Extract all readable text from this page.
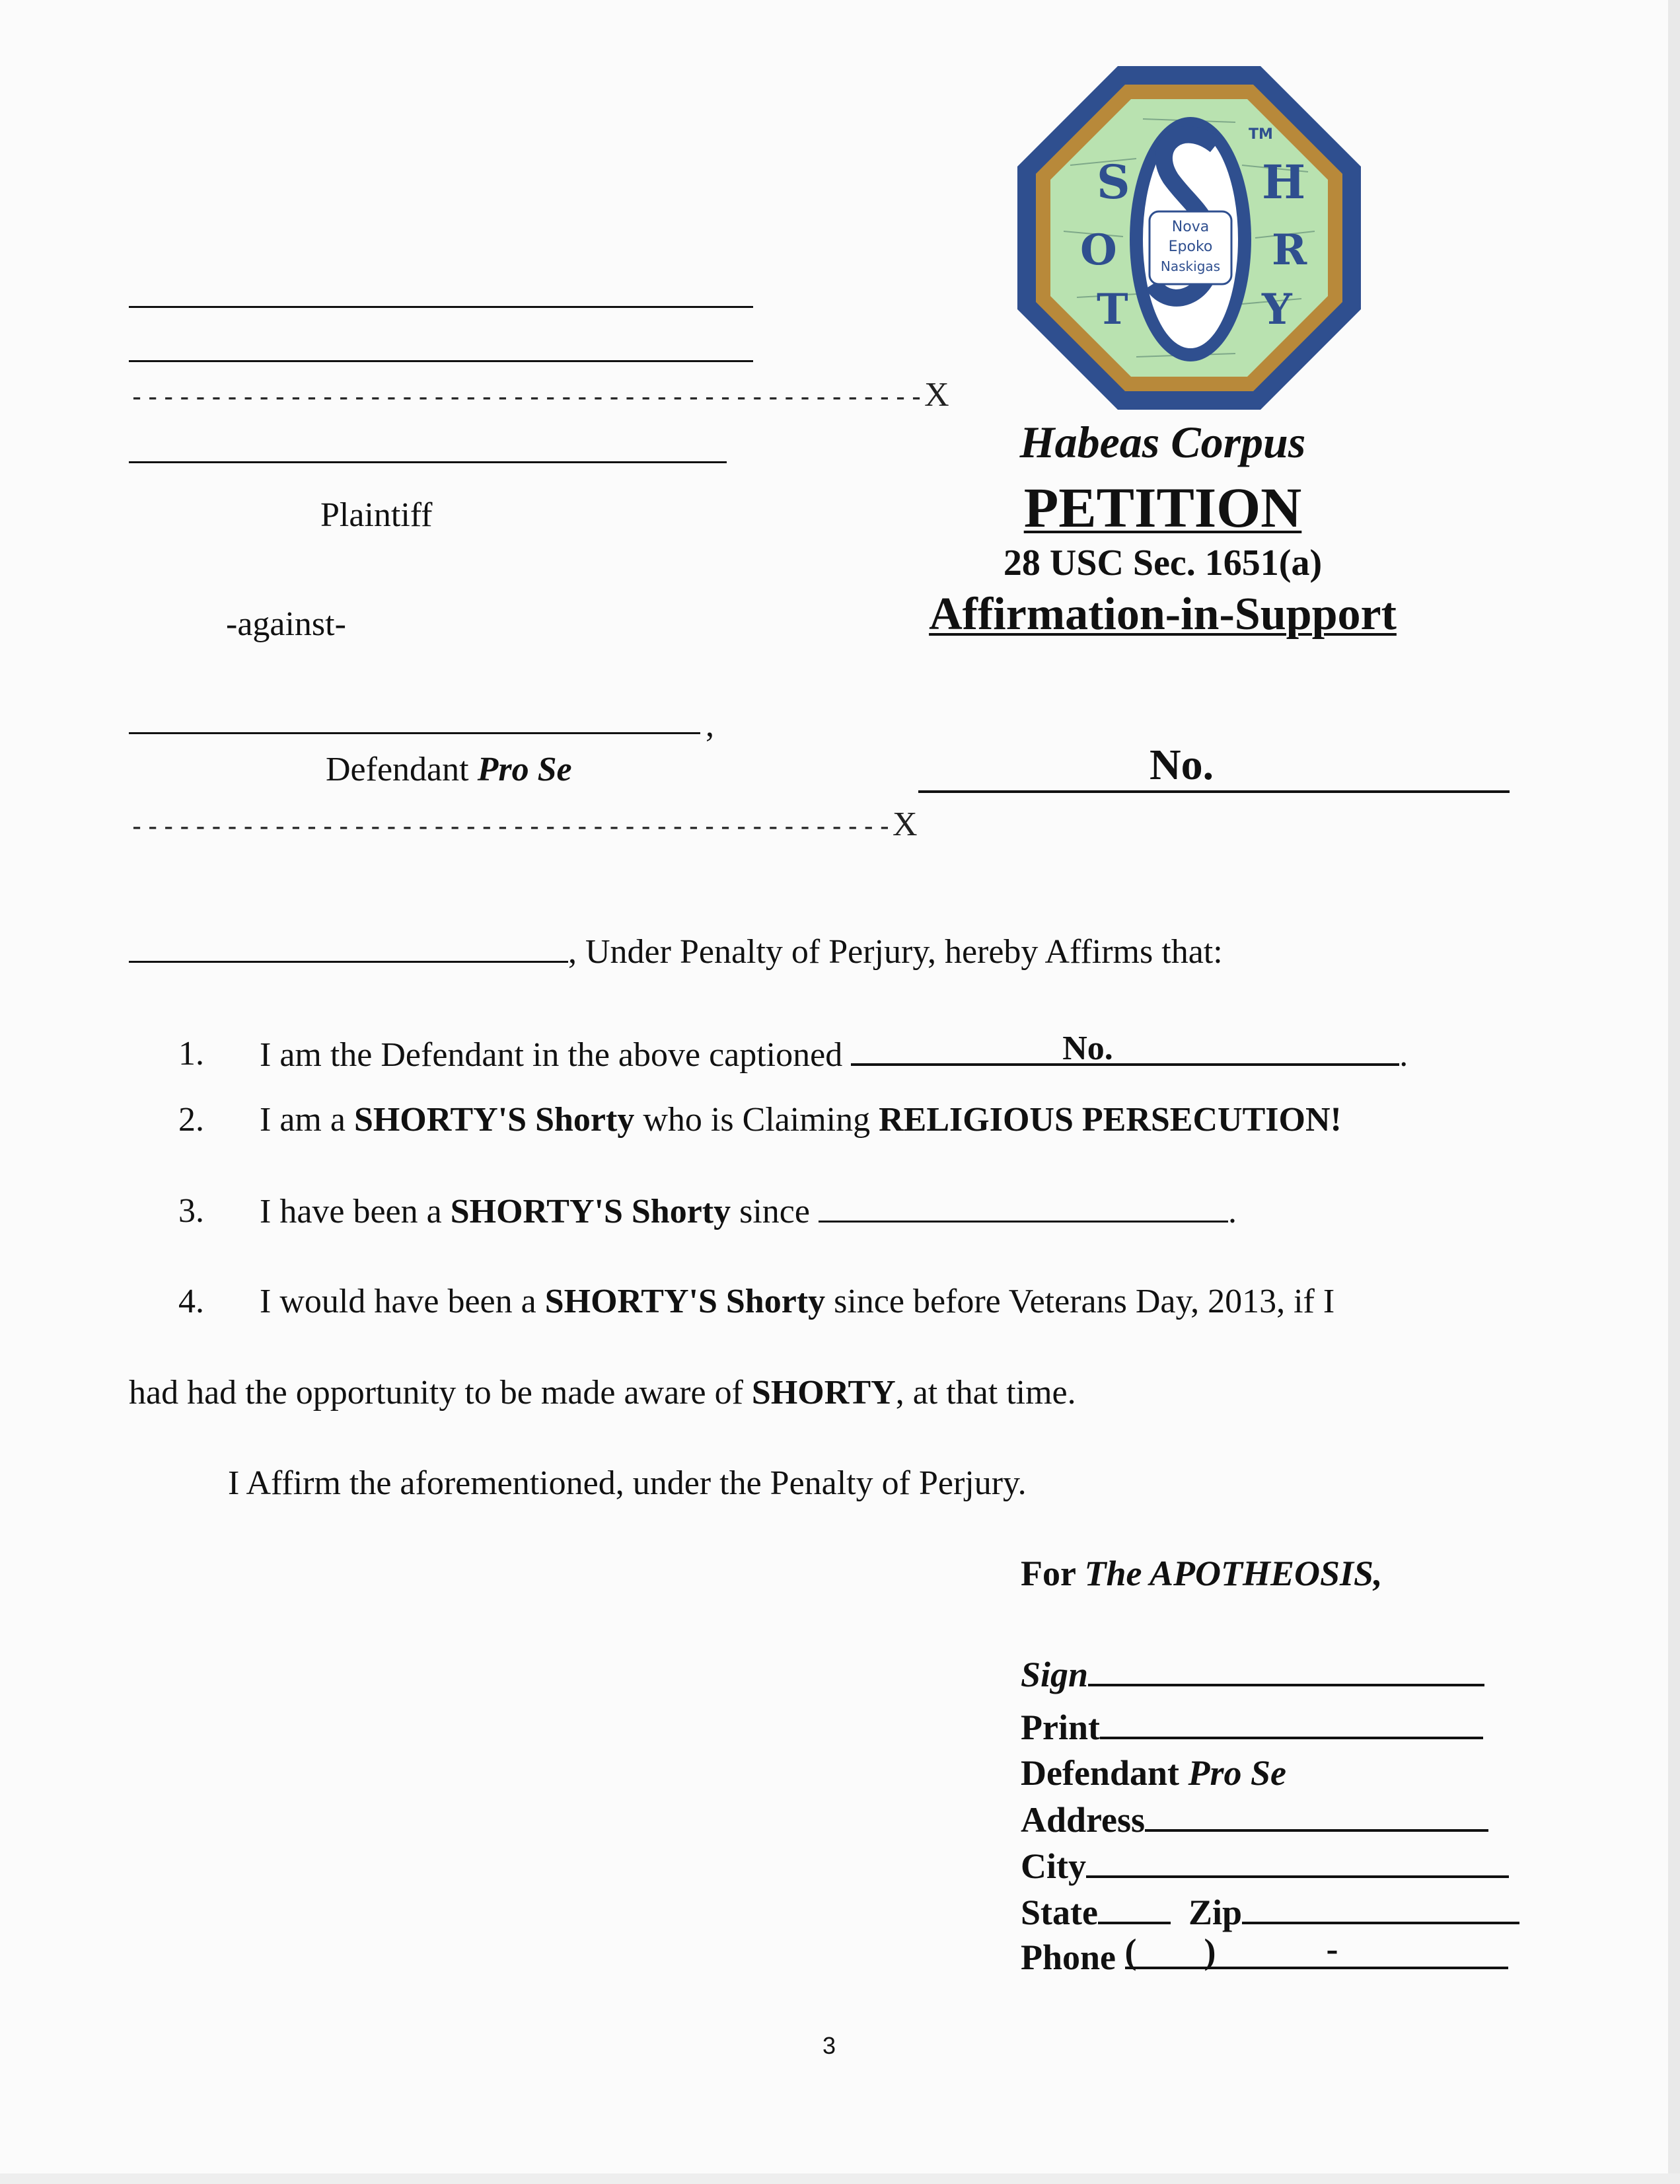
S	H
O	R
T	Y
TM
Nova
Epoko
Naskigas
--------------------------------------------------X
Plaintiff
-against-
,
Defendant Pro Se
------------------------------------------------X
Habeas Corpus
PETITION
28 USC Sec. 1651(a)
Affirmation-in-Support
No.
, Under Penalty of Perjury, hereby Affirms that:
1. I am the Defendant in the above captioned	No.	.
2. I am a SHORTY'S Shorty who is Claiming RELIGIOUS PERSECUTION!
3. I have been a SHORTY'S Shorty since	.
4. I would have been a SHORTY'S Shorty since before Veterans Day, 2013, if I
had had the opportunity to be made aware of SHORTY, at that time.
I Affirm the aforementioned, under the Penalty of Perjury.
For The APOTHEOSIS,
Sign
Print
Defendant Pro Se
Address
City
State	Zip
Phone ( )	-
3
